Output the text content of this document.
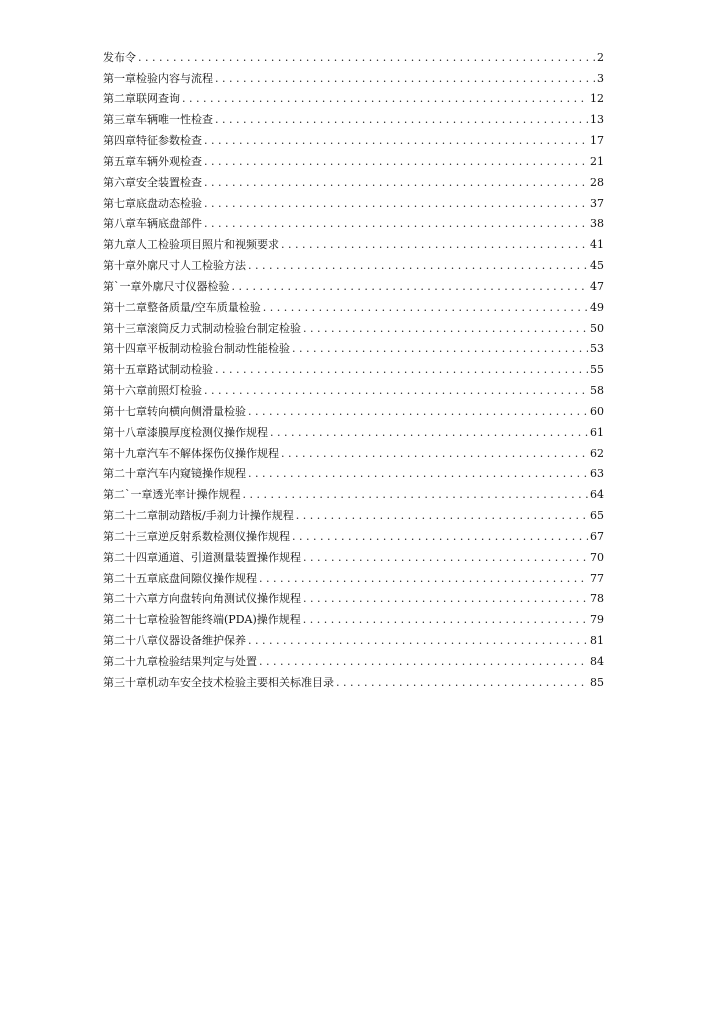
发布令 . . .	2
第一章检验内容与流程 . . .	3
第二章联网查询 . . .	12
第三章车辆唯一性检查 . . .	13
第四章特征参数检查 . . .	17
第五章车辆外观检查 . . .	21
第六章安全装置检查 . . .	28
第七章底盘动态检验 . . .	37
第八章车辆底盘部件 . . .	38
第九章人工检验项目照片和视频要求 . . .	41
第十章外廓尺寸人工检验方法 . . .	45
第`一章外廓尺寸仪器检验 . . .	47
第十二章整备质量/空车质量检验 . . .	49
第十三章滚筒反力式制动检验台制定检验 . . .	50
第十四章平板制动检验台制动性能检验 . . .	53
第十五章路试制动检验 . . .	55
第十六章前照灯检验 . . .	58
第十七章转向横向侧滑量检验 . . .	60
第十八章漆膜厚度检测仪操作规程 . . .	61
第十九章汽车不解体探伤仪操作规程 . . .	62
第二十章汽车内窥镜操作规程 . . .	63
第二`一章透光率计操作规程 . . .	64
第二十二章制动踏板/手刹力计操作规程 . . .	65
第二十三章逆反射系数检测仪操作规程 . . .	67
第二十四章通道、引道测量装置操作规程 . . .	70
第二十五章底盘间隙仪操作规程 . . .	77
第二十六章方向盘转向角测试仪操作规程 . . .	78
第二十七章检验智能终端(PDA)操作规程 . . .	79
第二十八章仪器设备维护保养 . . .	81
第二十九章检验结果判定与处置 . . .	84
第三十章机动车安全技术检验主要相关标准目录 . . .	85
